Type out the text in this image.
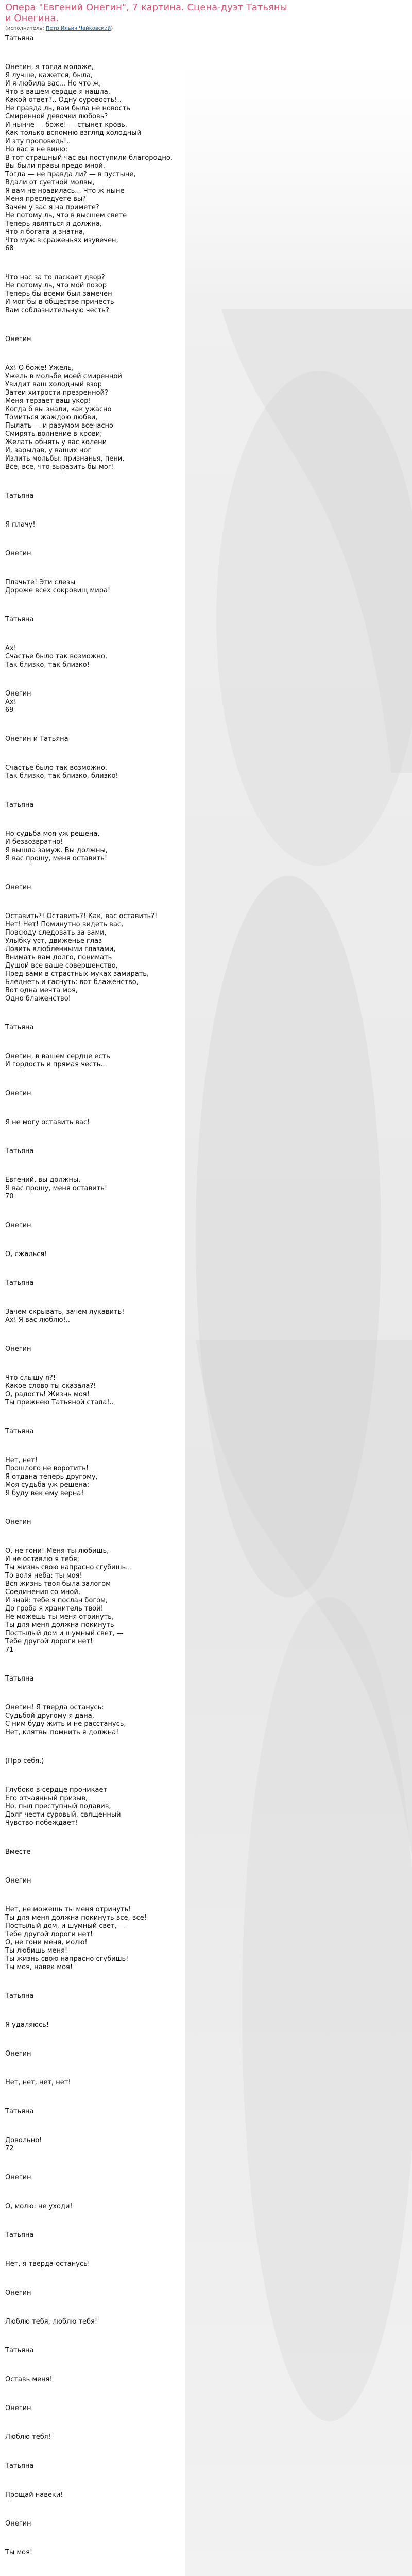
Опера "Евгений Онегин", 7 картина. Сцена-дуэт Татьяны и Онегина.

(исполнитель: Петр Ильич Чайковский)

Татьяна
Онегин, я тогда моложе,
Я лучше, кажется, была,
И я любила вас... Но что ж,
Что в вашем сердце я нашла,
Какой ответ?.. Одну суровость!..
Не правда ль, вам была не новость
Смиренной девочки любовь?
И нынче — боже! — стынет кровь,
Как только вспомню взгляд холодный
И эту проповедь!..
Но вас я не виню:
В тот страшный час вы поступили благородно,
Вы были правы предо мной.
Тогда — не правда ли? — в пустыне,
Вдали от суетной молвы,
Я вам не нравилась... Что ж ныне
Меня преследуете вы?
Зачем у вас я на примете?
Не потому ль, что в высшем свете
Теперь являться я должна,
Что я богата и знатна,
Что муж в сраженьях изувечен,
68
Что нас за то ласкает двор?
Не потому ль, что мой позор
Теперь бы всеми был замечен
И мог бы в обществе принесть
Вам соблазнительную честь?
Онегин
Ах! О боже! Ужель,
Ужель в мольбе моей смиренной
Увидит ваш холодный взор
Затеи хитрости презренной?
Меня терзает ваш укор!
Когда б вы знали, как ужасно
Томиться жаждою любви,
Пылать — и разумом всечасно
Смирять волнение в крови;
Желать обнять у вас колени
И, зарыдав, у ваших ног
Излить мольбы, признанья, пени,
Все, все, что выразить бы мог!
Татьяна
Я плачу!
Онегин
Плачьте! Эти слезы
Дороже всех сокровищ мира!
Татьяна
Ах!
Счастье было так возможно,
Так близко, так близко!
Онегин
Ах!
69
Онегин и Татьяна
Счастье было так возможно,
Так близко, так близко, близко!
Татьяна
Но судьба моя уж решена,
И безвозвратно!
Я вышла замуж. Вы должны,
Я вас прошу, меня оставить!
Онегин
Оставить?! Оставить?! Как, вас оставить?!
Нет! Нет! Поминутно видеть вас,
Повсюду следовать за вами,
Улыбку уст, движенье глаз
Ловить влюбленными глазами,
Внимать вам долго, понимать
Душой все ваше совершенство,
Пред вами в страстных муках замирать,
Бледнеть и гаснуть: вот блаженство,
Вот одна мечта моя,
Одно блаженство!
Татьяна
Онегин, в вашем сердце есть
И гордость и прямая честь...
Онегин
Я не могу оставить вас!
Татьяна
Евгений, вы должны,
Я вас прошу, меня оставить!
70
Онегин
О, сжалься!
Татьяна
Зачем скрывать, зачем лукавить!
Ах! Я вас люблю!..
Онегин
Что слышу я?!
Какое слово ты сказала?!
О, радость! Жизнь моя!
Ты прежнею Татьяной стала!..
Татьяна
Нет, нет!
Прошлого не воротить!
Я отдана теперь другому,
Моя судьба уж решена:
Я буду век ему верна!
Онегин
О, не гони! Меня ты любишь,
И не оставлю я тебя;
Ты жизнь свою напрасно сгубишь...
То воля неба: ты моя!
Вся жизнь твоя была залогом
Соединения со мной,
И знай: тебе я послан богом,
До гроба я хранитель твой!
Не можешь ты меня отринуть,
Ты для меня должна покинуть
Постылый дом и шумный свет, —
Тебе другой дороги нет!
71
Татьяна
Онегин! Я тверда останусь:
Судьбой другому я дана,
С ним буду жить и не расстанусь,
Нет, клятвы помнить я должна!
(Про себя.)
Глубоко в сердце проникает
Его отчаянный призыв,
Но, пыл преступный подавив,
Долг чести суровый, священный
Чувство побеждает!
Вместе
Онегин
Нет, не можешь ты меня отринуть!
Ты для меня должна покинуть все, все!
Постылый дом, и шумный свет, —
Тебе другой дороги нет!
О, не гони меня, молю!
Ты любишь меня!
Ты жизнь свою напрасно сгубишь!
Ты моя, навек моя!
Татьяна
Я удаляюсь!
Онегин
Нет, нет, нет, нет!
Татьяна
Довольно!
72
Онегин
О, молю: не уходи!
Татьяна
Нет, я тверда останусь!
Онегин
Люблю тебя, люблю тебя!
Татьяна
Оставь меня!
Онегин
Люблю тебя!
Татьяна
Прощай навеки!
Онегин
Ты моя!
